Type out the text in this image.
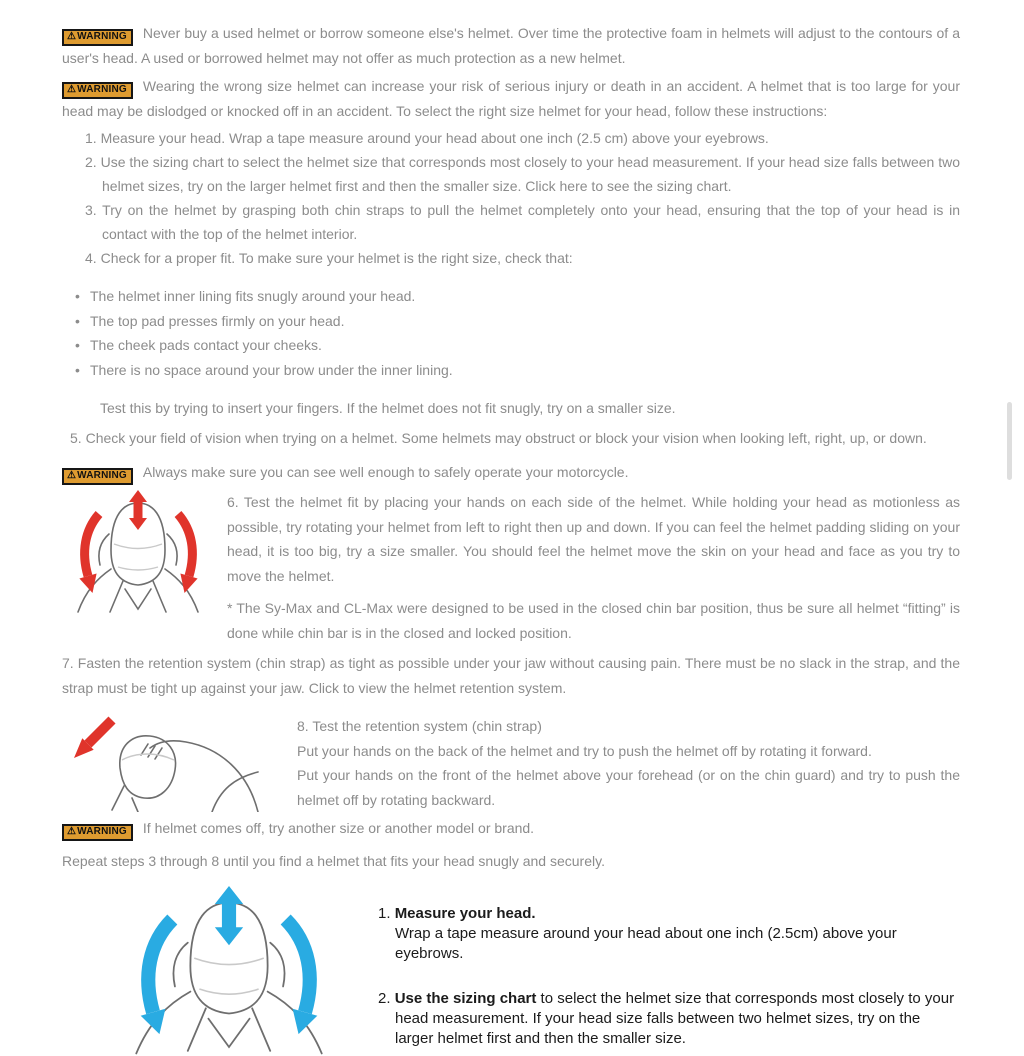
⚠WARNING Never buy a used helmet or borrow someone else's helmet. Over time the protective foam in helmets will adjust to the contours of a user's head. A used or borrowed helmet may not offer as much protection as a new helmet.

⚠WARNING Wearing the wrong size helmet can increase your risk of serious injury or death in an accident. A helmet that is too large for your head may be dislodged or knocked off in an accident. To select the right size helmet for your head, follow these instructions:

1. Measure your head. Wrap a tape measure around your head about one inch (2.5 cm) above your eyebrows.
2. Use the sizing chart to select the helmet size that corresponds most closely to your head measurement. If your head size falls between two helmet sizes, try on the larger helmet first and then the smaller size. Click here to see the sizing chart.
3. Try on the helmet by grasping both chin straps to pull the helmet completely onto your head, ensuring that the top of your head is in contact with the top of the helmet interior.
4. Check for a proper fit. To make sure your helmet is the right size, check that:
• The helmet inner lining fits snugly around your head.
• The top pad presses firmly on your head.
• The cheek pads contact your cheeks.
• There is no space around your brow under the inner lining.

Test this by trying to insert your fingers. If the helmet does not fit snugly, try on a smaller size.

5. Check your field of vision when trying on a helmet. Some helmets may obstruct or block your vision when looking left, right, up, or down.

⚠WARNING Always make sure you can see well enough to safely operate your motorcycle.

6. Test the helmet fit by placing your hands on each side of the helmet. While holding your head as motionless as possible, try rotating your helmet from left to right then up and down. If you can feel the helmet padding sliding on your head, it is too big, try a size smaller. You should feel the helmet move the skin on your head and face as you try to move the helmet.

* The Sy-Max and CL-Max were designed to be used in the closed chin bar position, thus be sure all helmet “fitting” is done while chin bar is in the closed and locked position.

7. Fasten the retention system (chin strap) as tight as possible under your jaw without causing pain. There must be no slack in the strap, and the strap must be tight up against your jaw. Click to view the helmet retention system.

8. Test the retention system (chin strap)

Put your hands on the back of the helmet and try to push the helmet off by rotating it forward.

Put your hands on the front of the helmet above your forehead (or on the chin guard) and try to push the helmet off by rotating backward.

⚠WARNING If helmet comes off, try another size or another model or brand.

Repeat steps 3 through 8 until you find a helmet that fits your head snugly and securely.

1. Measure your head.
Wrap a tape measure around your head about one inch (2.5cm) above your eyebrows.
2. Use the sizing chart to select the helmet size that corresponds most closely to your head measurement. If your head size falls between two helmet sizes, try on the larger helmet first and then the smaller size.
